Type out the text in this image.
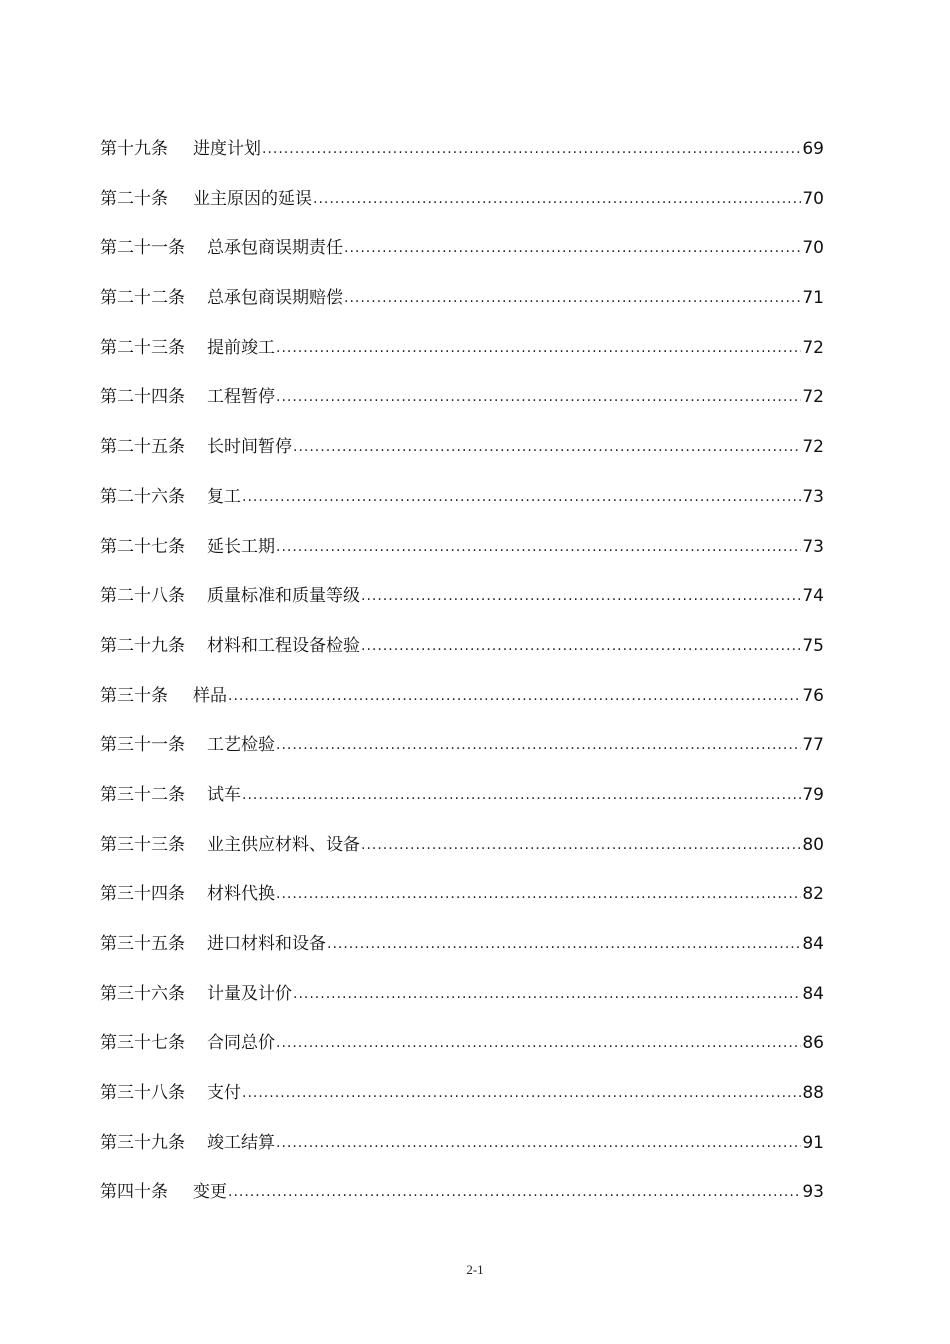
第十九条 进度计划 .....	69
第二十条 业主原因的延误 .....	70
第二十一条 总承包商误期责任 .....	70
第二十二条 总承包商误期赔偿 .....	71
第二十三条 提前竣工 .....	72
第二十四条 工程暂停 .....	72
第二十五条 长时间暂停 .....	72
第二十六条 复工 .....	73
第二十七条 延长工期 .....	73
第二十八条 质量标准和质量等级 .....	74
第二十九条 材料和工程设备检验 .....	75
第三十条 样品 .....	76
第三十一条 工艺检验 .....	77
第三十二条 试车 .....	79
第三十三条 业主供应材料、设备 .....	80
第三十四条 材料代换 .....	82
第三十五条 进口材料和设备 .....	84
第三十六条 计量及计价 .....	84
第三十七条 合同总价 .....	86
第三十八条 支付 .....	88
第三十九条 竣工结算 .....	91
第四十条 变更 .....	93
2-1
